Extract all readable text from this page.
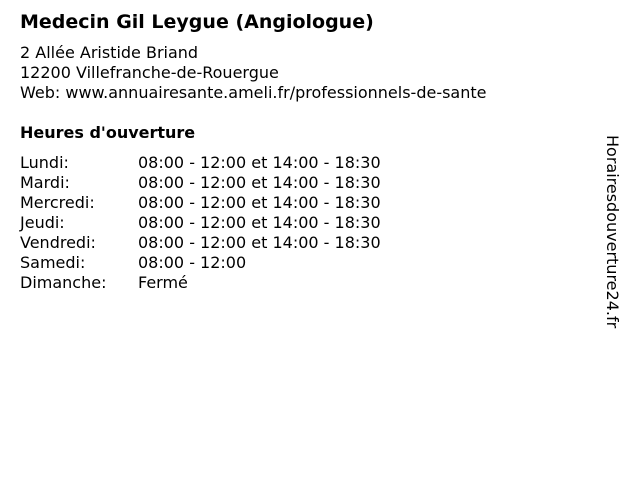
Medecin Gil Leygue (Angiologue)
2 Allée Aristide Briand
12200 Villefranche-de-Rouergue
Web: www.annuairesante.ameli.fr/professionnels-de-sante
Heures d'ouverture
Lundi:	08:00 - 12:00 et 14:00 - 18:30
Mardi:	08:00 - 12:00 et 14:00 - 18:30
Mercredi:	08:00 - 12:00 et 14:00 - 18:30
Jeudi:	08:00 - 12:00 et 14:00 - 18:30
Vendredi:	08:00 - 12:00 et 14:00 - 18:30
Samedi:	08:00 - 12:00
Dimanche:	Fermé	Horairesdouverture24.fr
